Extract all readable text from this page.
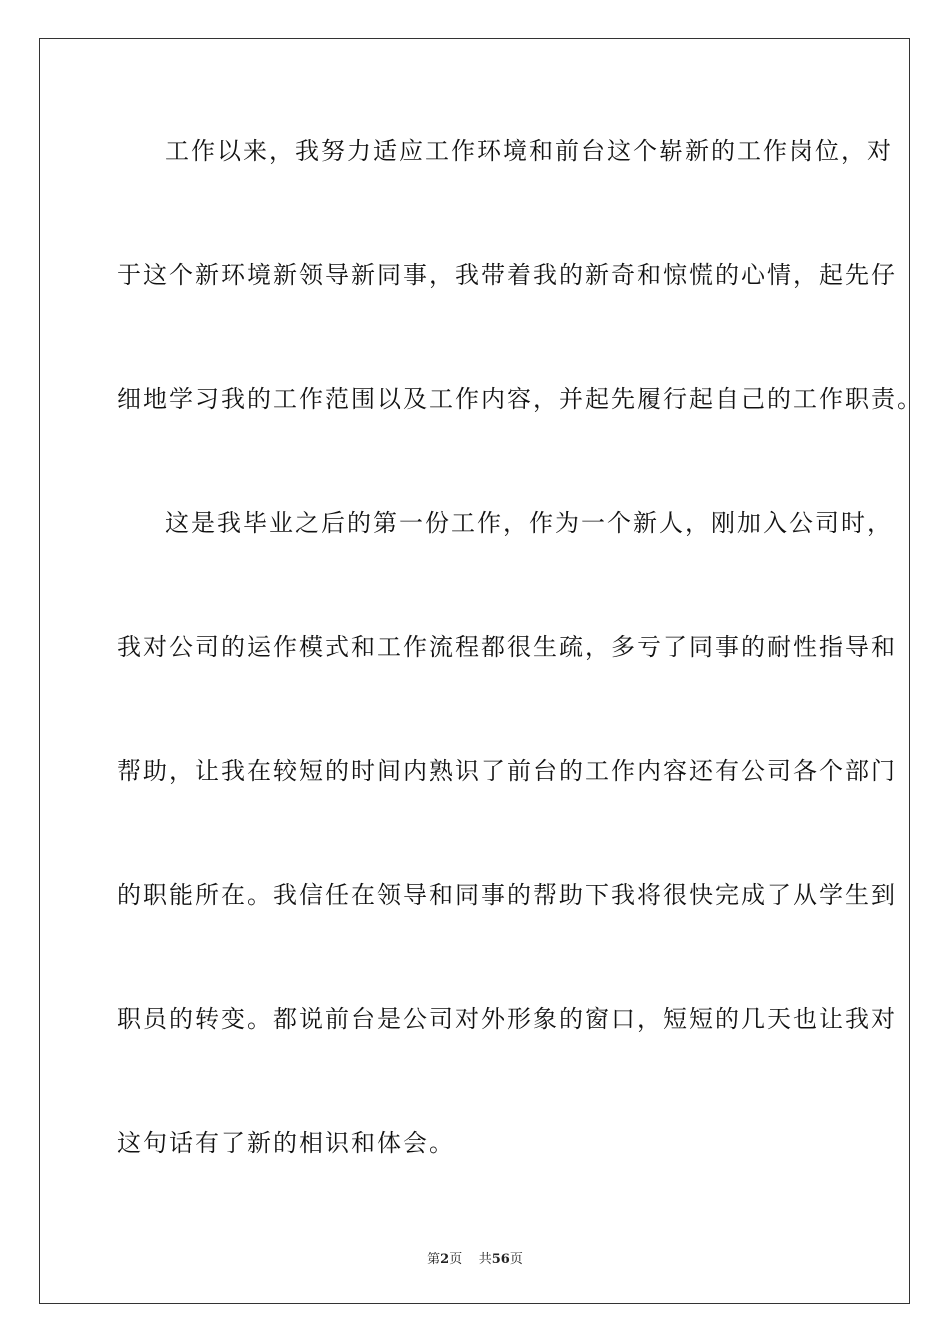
工作以来，我努力适应工作环境和前台这个崭新的工作岗位，对
于这个新环境新领导新同事，我带着我的新奇和惊慌的心情，起先仔
细地学习我的工作范围以及工作内容，并起先履行起自己的工作职责。
这是我毕业之后的第一份工作，作为一个新人，刚加入公司时，
我对公司的运作模式和工作流程都很生疏，多亏了同事的耐性指导和
帮助，让我在较短的时间内熟识了前台的工作内容还有公司各个部门
的职能所在。我信任在领导和同事的帮助下我将很快完成了从学生到
职员的转变。都说前台是公司对外形象的窗口，短短的几天也让我对
这句话有了新的相识和体会。
第2页 共56页
